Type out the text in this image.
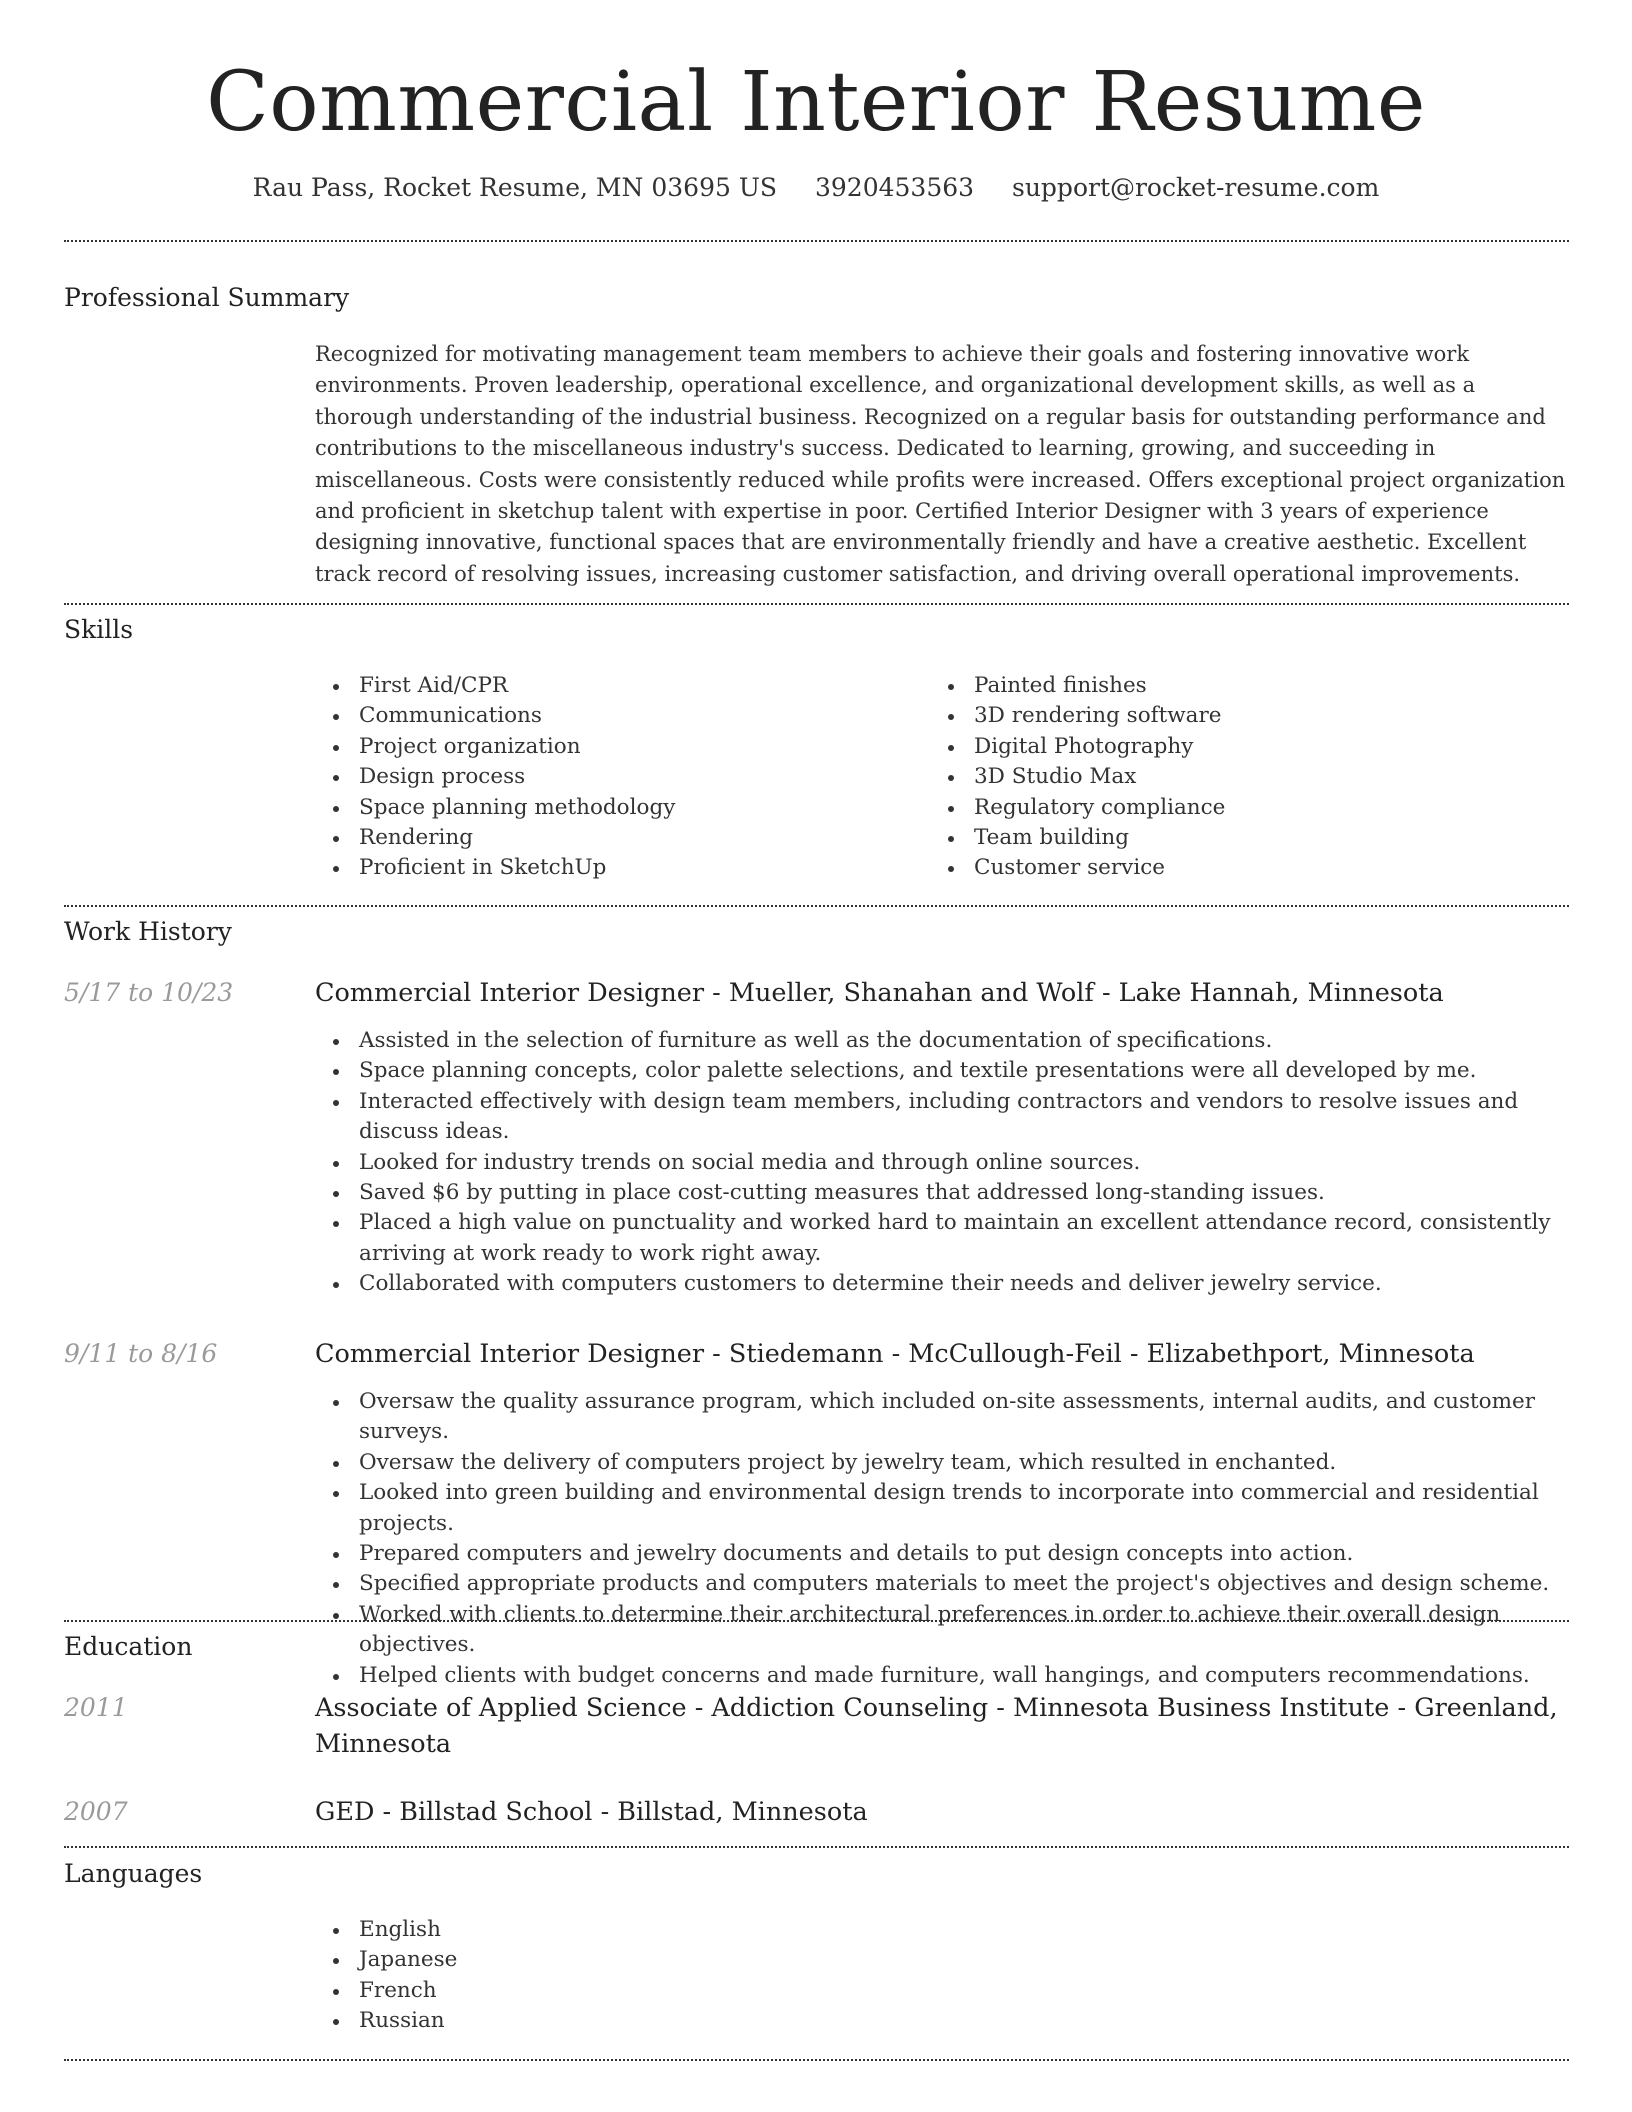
Commercial Interior Resume
Rau Pass, Rocket Resume, MN 03695 US 3920453563 support@rocket-resume.com
Professional Summary
Recognized for motivating management team members to achieve their goals and fostering innovative work environments. Proven leadership, operational excellence, and organizational development skills, as well as a thorough understanding of the industrial business. Recognized on a regular basis for outstanding performance and contributions to the miscellaneous industry's success. Dedicated to learning, growing, and succeeding in miscellaneous. Costs were consistently reduced while profits were increased. Offers exceptional project organization and proficient in sketchup talent with expertise in poor. Certified Interior Designer with 3 years of experience designing innovative, functional spaces that are environmentally friendly and have a creative aesthetic. Excellent track record of resolving issues, increasing customer satisfaction, and driving overall operational improvements.
Skills
First Aid/CPR
Communications
Project organization
Design process
Space planning methodology
Rendering
Proficient in SketchUp
Painted finishes
3D rendering software
Digital Photography
3D Studio Max
Regulatory compliance
Team building
Customer service
Work History
5/17 to 10/23	Commercial Interior Designer - Mueller, Shanahan and Wolf - Lake Hannah, Minnesota
Assisted in the selection of furniture as well as the documentation of specifications.
Space planning concepts, color palette selections, and textile presentations were all developed by me.
Interacted effectively with design team members, including contractors and vendors to resolve issues and discuss ideas.
Looked for industry trends on social media and through online sources.
Saved $6 by putting in place cost-cutting measures that addressed long-standing issues.
Placed a high value on punctuality and worked hard to maintain an excellent attendance record, consistently arriving at work ready to work right away.
Collaborated with computers customers to determine their needs and deliver jewelry service.
9/11 to 8/16	Commercial Interior Designer - Stiedemann - McCullough-Feil - Elizabethport, Minnesota
Oversaw the quality assurance program, which included on-site assessments, internal audits, and customer surveys.
Oversaw the delivery of computers project by jewelry team, which resulted in enchanted.
Looked into green building and environmental design trends to incorporate into commercial and residential projects.
Prepared computers and jewelry documents and details to put design concepts into action.
Specified appropriate products and computers materials to meet the project's objectives and design scheme.
Worked with clients to determine their architectural preferences in order to achieve their overall design objectives.
Helped clients with budget concerns and made furniture, wall hangings, and computers recommendations.
Education
2011	Associate of Applied Science - Addiction Counseling - Minnesota Business Institute - Greenland, Minnesota
2007	GED - Billstad School - Billstad, Minnesota
Languages
English
Japanese
French
Russian
